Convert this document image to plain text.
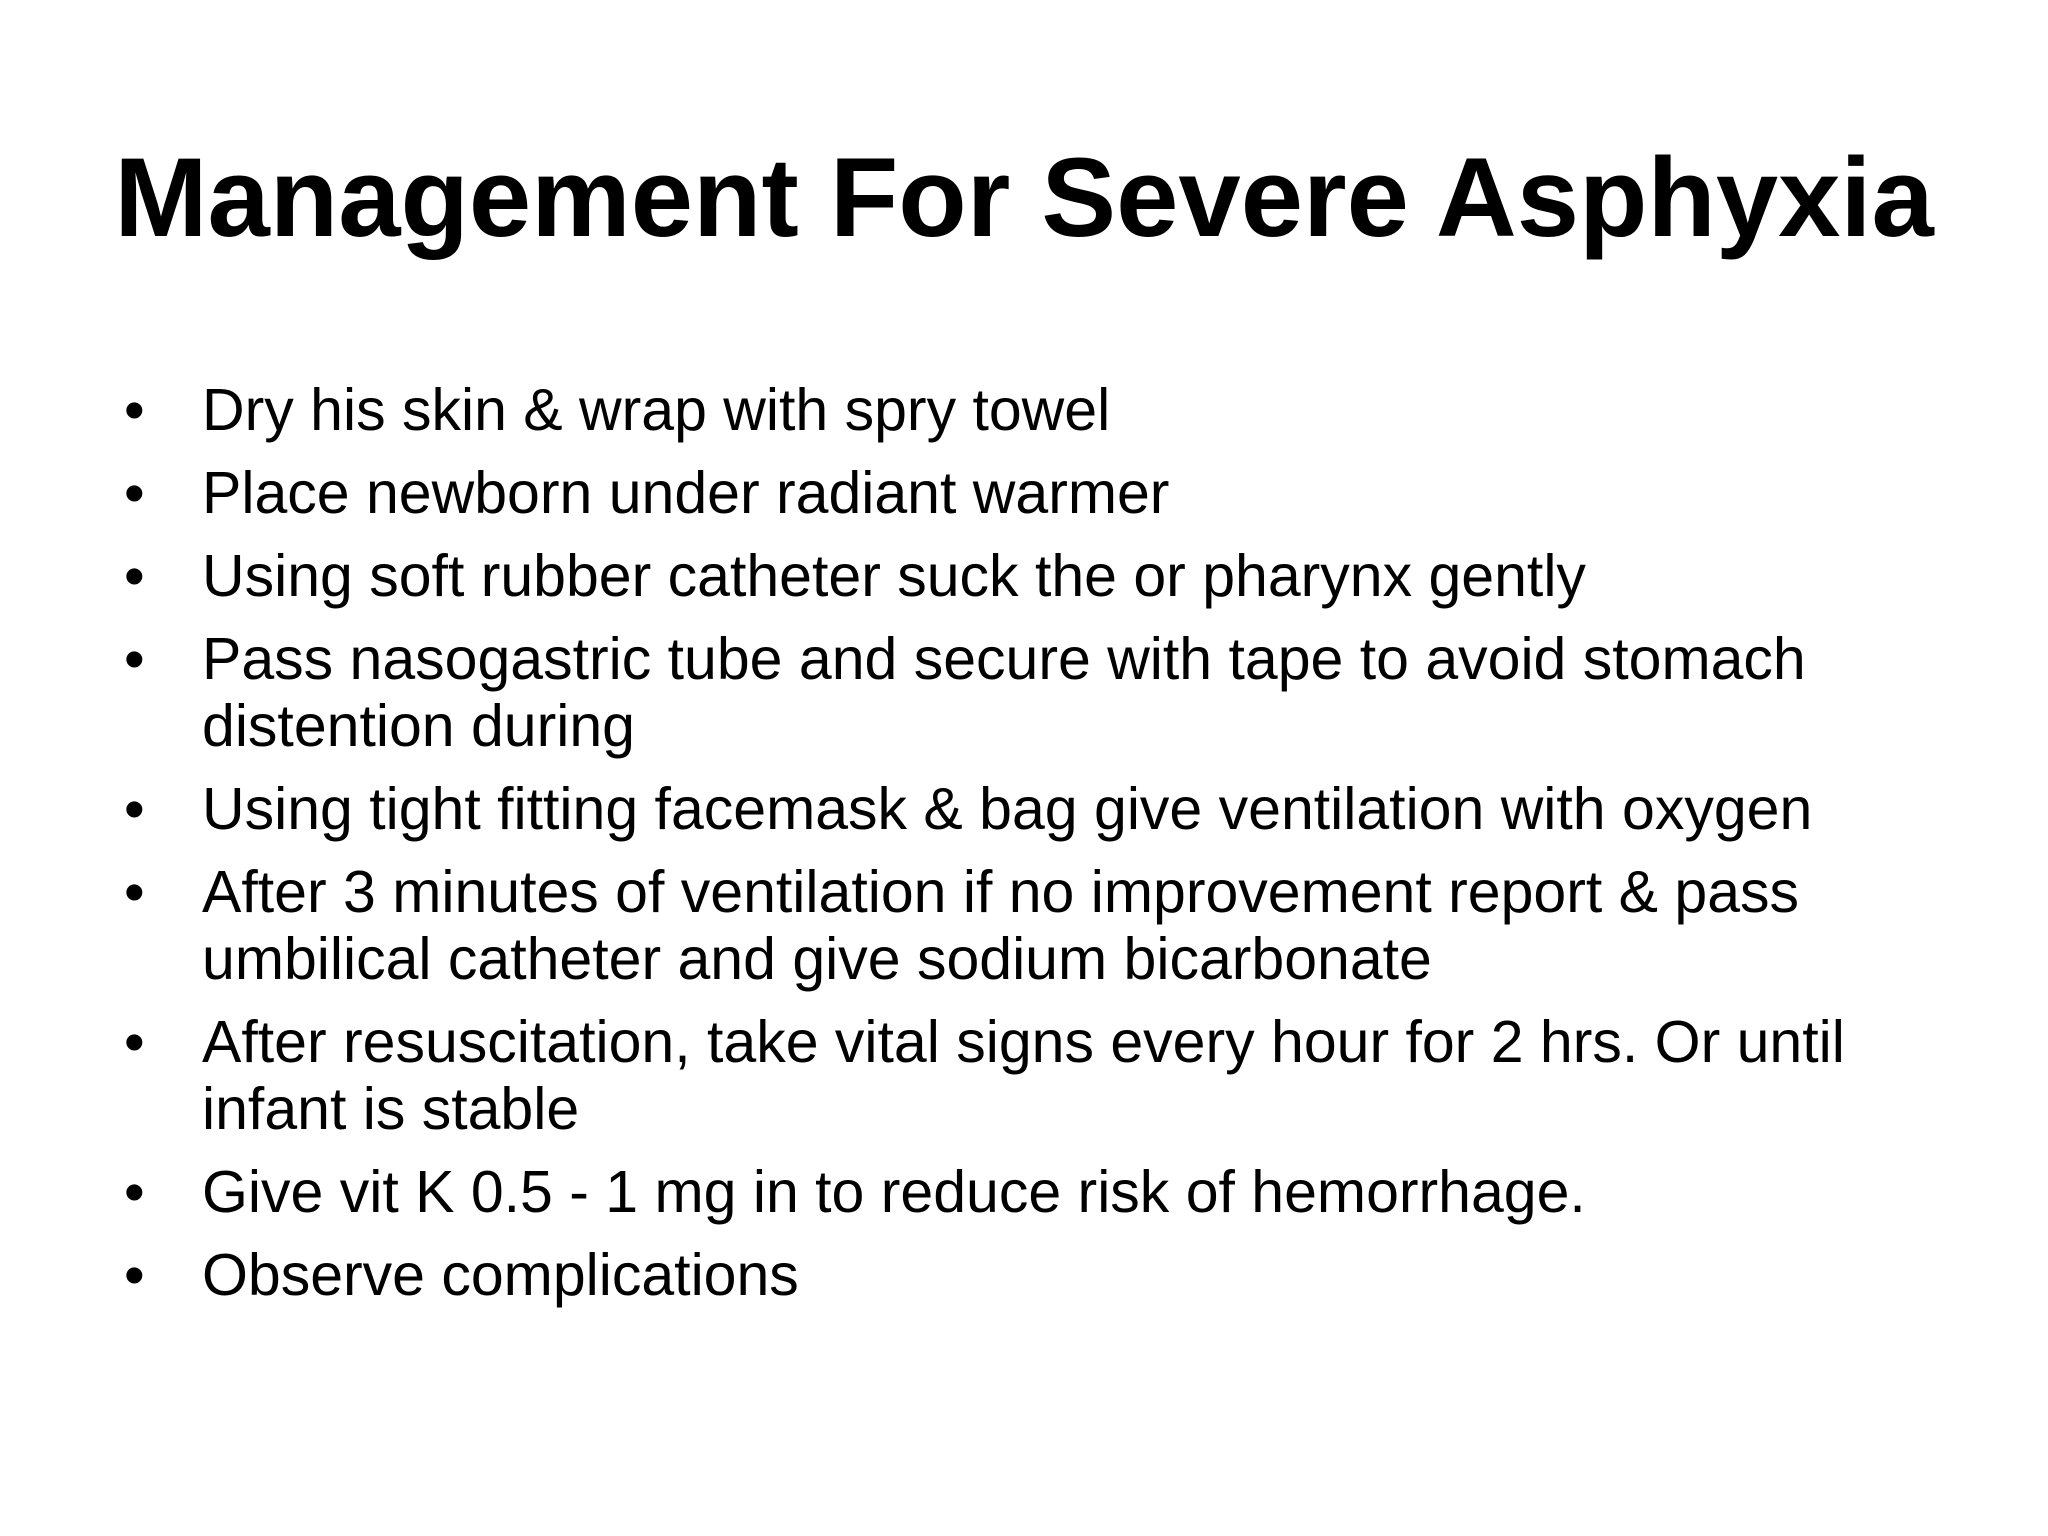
Management For Severe Asphyxia
• Dry his skin & wrap with spry towel
• Place newborn under radiant warmer
• Using soft rubber catheter suck the or pharynx gently
• Pass nasogastric tube and secure with tape to avoid stomach distention during
• Using tight fitting facemask & bag give ventilation with oxygen
• After 3 minutes of ventilation if no improvement report & pass umbilical catheter and give sodium bicarbonate
• After resuscitation, take vital signs every hour for 2 hrs. Or until infant is stable
• Give vit K 0.5 - 1 mg in to reduce risk of hemorrhage.
• Observe complications
